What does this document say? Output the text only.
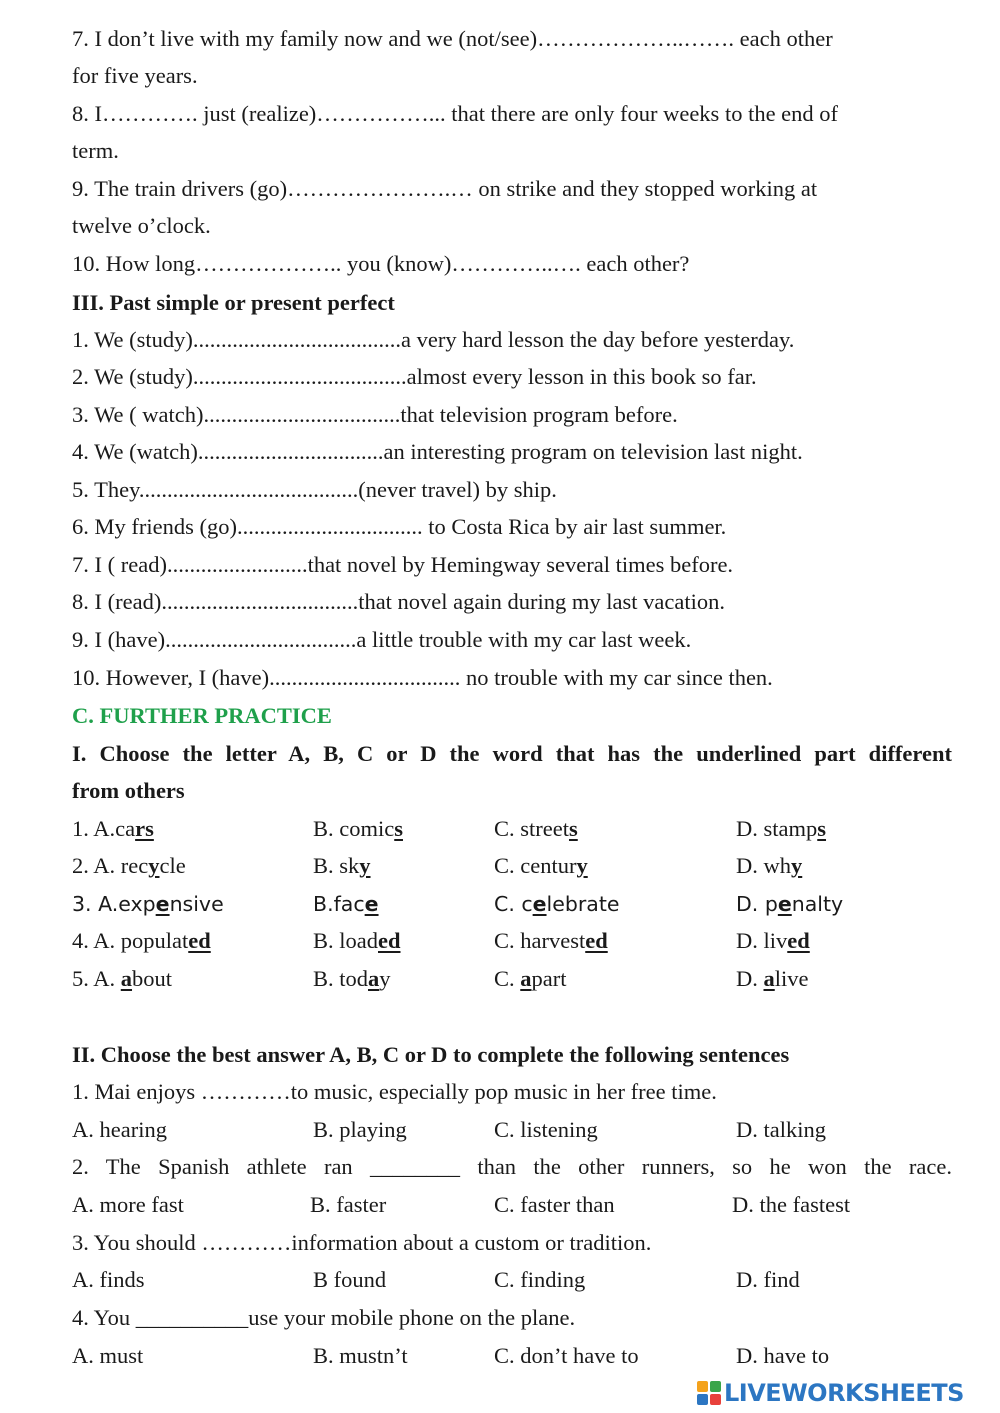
7. I don’t live with my family now and we (not/see)………………..……. each other
for five years.
8. I…………. just (realize)……………... that there are only four weeks to the end of
term.
9. The train drivers (go)………………….… on strike and they stopped working at
twelve o’clock.
10. How long……………….. you (know)…………..…. each other?
III. Past simple or present perfect
1. We (study).....................................a very hard lesson the day before yesterday.
2. We (study)......................................almost every lesson in this book so far.
3. We ( watch)...................................that television program before.
4. We (watch).................................an interesting program on television last night.
5. They.......................................(never travel) by ship.
6. My friends (go)................................. to Costa Rica by air last summer.
7. I ( read).........................that novel by Hemingway several times before.
8. I (read)...................................that novel again during my last vacation.
9. I (have)..................................a little trouble with my car last week.
10. However, I (have).................................. no trouble with my car since then.
C. FURTHER PRACTICE
I. Choose the letter A, B, C or D the word that has the underlined part different
from others
1. A.cars	B. comics	C. streets	D. stamps
2. A. recycle	B. sky	C. century	D. why
3. A.expensive	B.face	C. celebrate	D. penalty
4. A. populated	B. loaded	C. harvested	D. lived
5. A. about	B. today	C. apart	D. alive
II. Choose the best answer A, B, C or D to complete the following sentences
1. Mai enjoys …………to music, especially pop music in her free time.
A. hearing	B. playing	C. listening	D. talking
2. The Spanish athlete ran ________ than the other runners, so he won the race.
A. more fast	B. faster	C. faster than	D. the fastest
3. You should …………information about a custom or tradition.
A. finds	B found	C. finding	D. find
4. You __________use your mobile phone on the plane.
A. must	B. mustn’t	C. don’t have to	D. have to
LIVEWORKSHEETS
